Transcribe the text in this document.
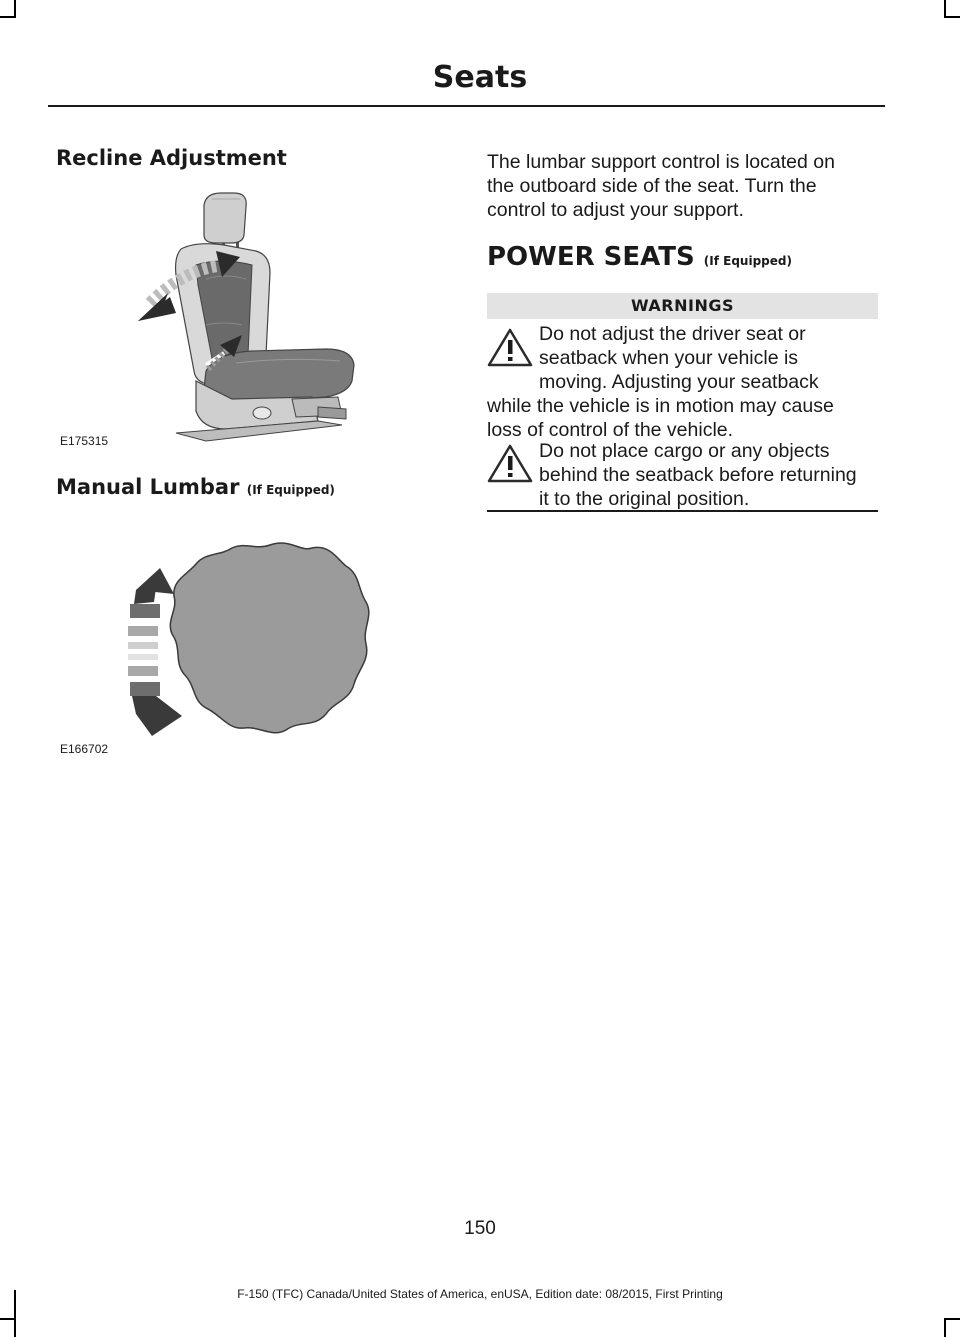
Seats
Recline Adjustment
E175315
Manual Lumbar (If Equipped)
E166702
The lumbar support control is located on
the outboard side of the seat. Turn the
control to adjust your support.
POWER SEATS (If Equipped)
WARNINGS
Do not adjust the driver seat or
seatback when your vehicle is
moving. Adjusting your seatback
while the vehicle is in motion may cause
loss of control of the vehicle.
Do not place cargo or any objects
behind the seatback before returning
it to the original position.
150
F-150 (TFC) Canada/United States of America, enUSA, Edition date: 08/2015, First Printing
